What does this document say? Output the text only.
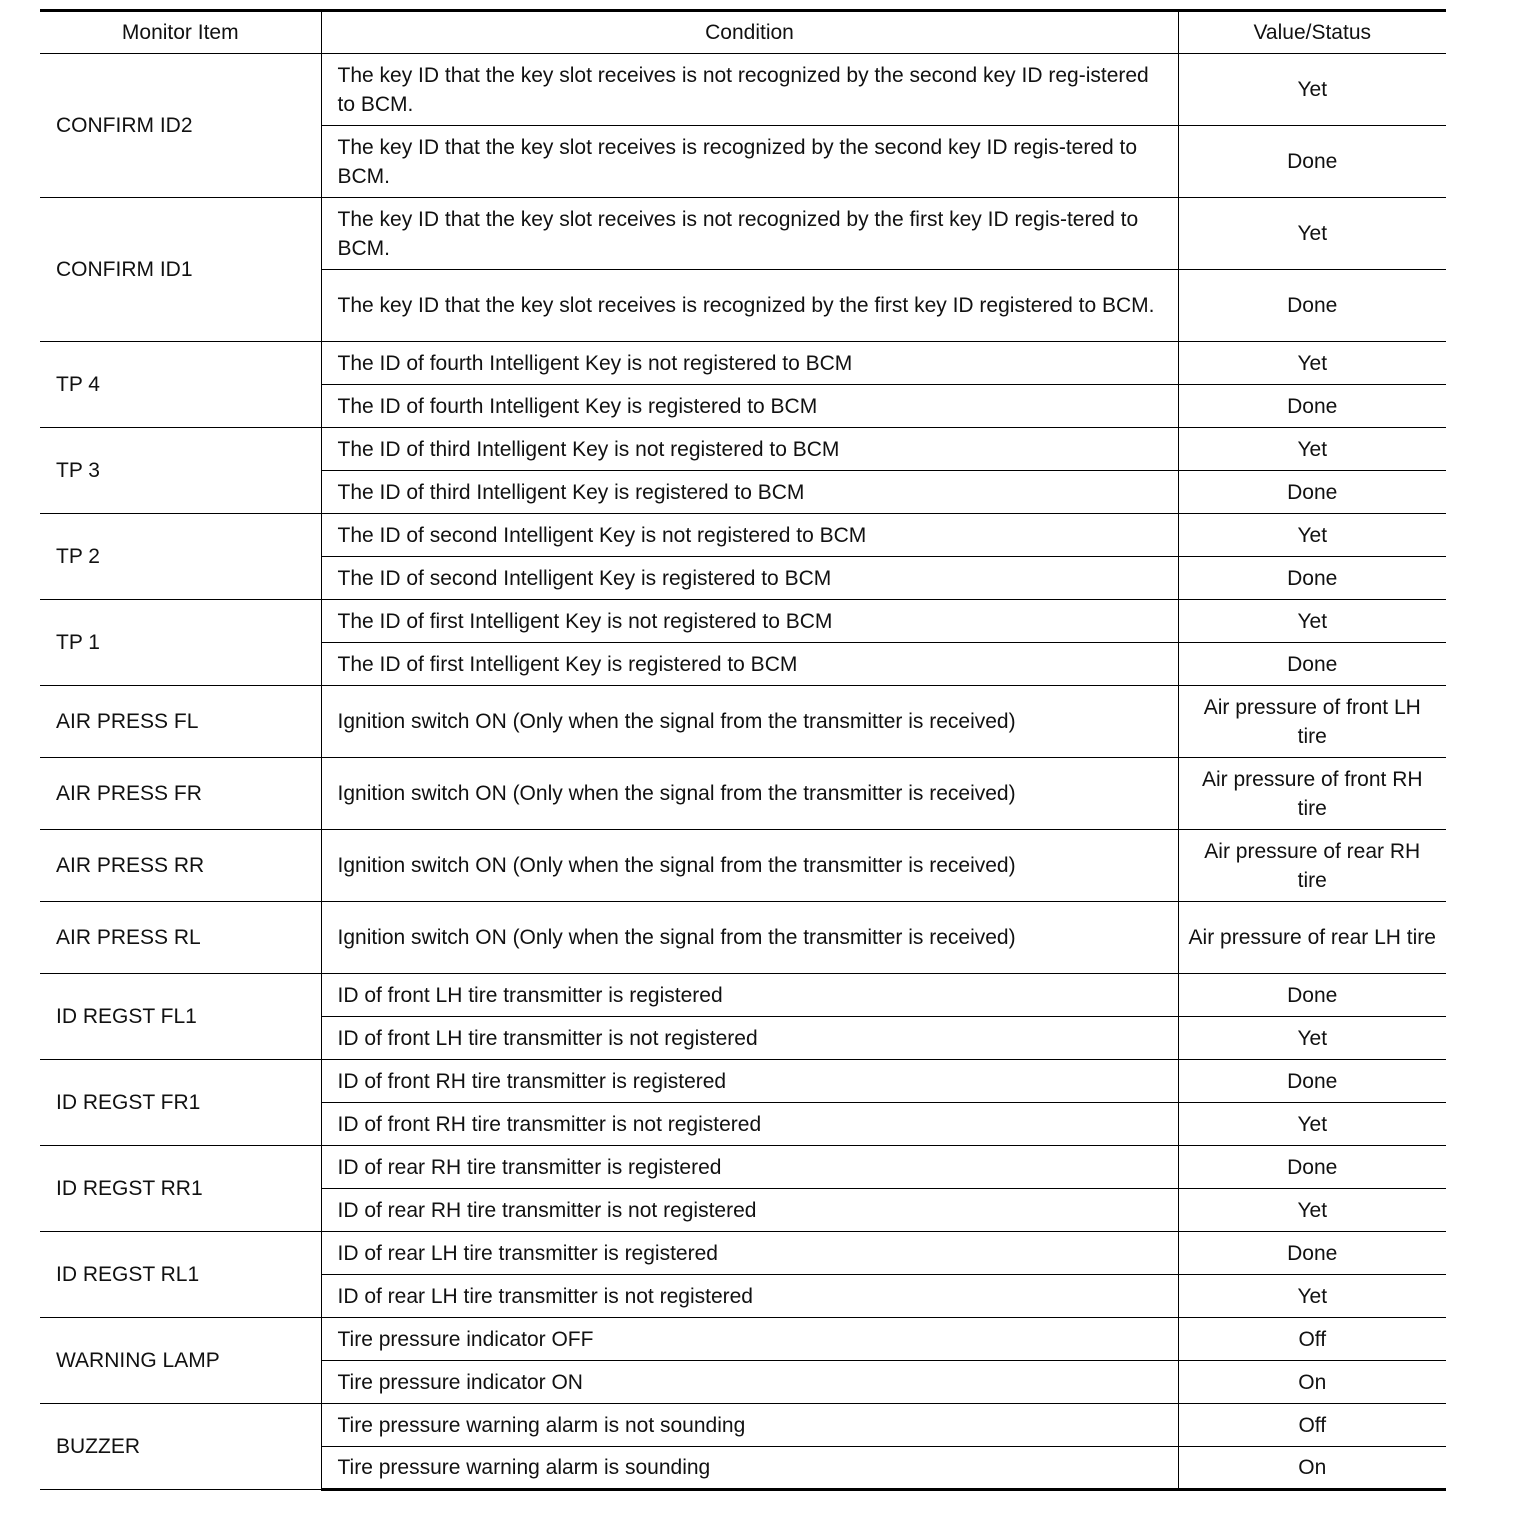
Monitor Item	Condition	Value/Status
CONFIRM ID2	The key ID that the key slot receives is not recognized by the second key ID reg-istered to BCM.	Yet
	The key ID that the key slot receives is recognized by the second key ID regis-tered to BCM.	Done
CONFIRM ID1	The key ID that the key slot receives is not recognized by the first key ID regis-tered to BCM.	Yet
	The key ID that the key slot receives is recognized by the first key ID registered to BCM.	Done
TP 4	The ID of fourth Intelligent Key is not registered to BCM	Yet
	The ID of fourth Intelligent Key is registered to BCM	Done
TP 3	The ID of third Intelligent Key is not registered to BCM	Yet
	The ID of third Intelligent Key is registered to BCM	Done
TP 2	The ID of second Intelligent Key is not registered to BCM	Yet
	The ID of second Intelligent Key is registered to BCM	Done
TP 1	The ID of first Intelligent Key is not registered to BCM	Yet
	The ID of first Intelligent Key is registered to BCM	Done
AIR PRESS FL	Ignition switch ON (Only when the signal from the transmitter is received)	Air pressure of front LH tire
AIR PRESS FR	Ignition switch ON (Only when the signal from the transmitter is received)	Air pressure of front RH tire
AIR PRESS RR	Ignition switch ON (Only when the signal from the transmitter is received)	Air pressure of rear RH tire
AIR PRESS RL	Ignition switch ON (Only when the signal from the transmitter is received)	Air pressure of rear LH tire
ID REGST FL1	ID of front LH tire transmitter is registered	Done
	ID of front LH tire transmitter is not registered	Yet
ID REGST FR1	ID of front RH tire transmitter is registered	Done
	ID of front RH tire transmitter is not registered	Yet
ID REGST RR1	ID of rear RH tire transmitter is registered	Done
	ID of rear RH tire transmitter is not registered	Yet
ID REGST RL1	ID of rear LH tire transmitter is registered	Done
	ID of rear LH tire transmitter is not registered	Yet
WARNING LAMP	Tire pressure indicator OFF	Off
	Tire pressure indicator ON	On
BUZZER	Tire pressure warning alarm is not sounding	Off
	Tire pressure warning alarm is sounding	On
